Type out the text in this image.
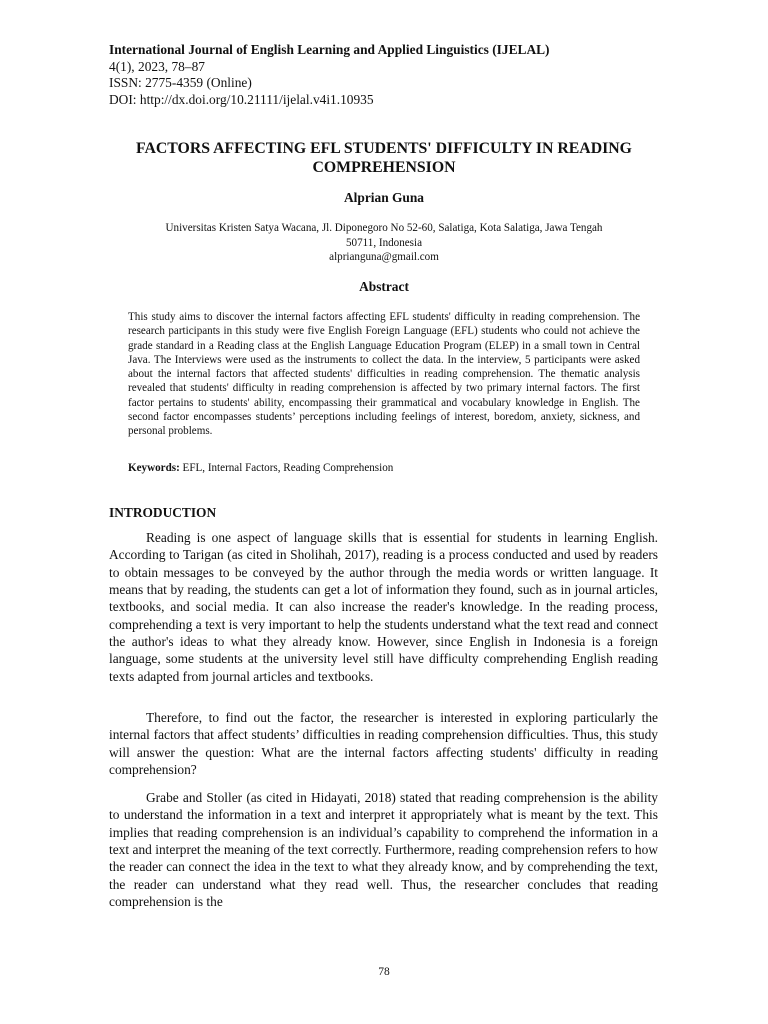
International Journal of English Learning and Applied Linguistics (IJELAL)
4(1), 2023, 78–87
ISSN: 2775-4359 (Online)
DOI: http://dx.doi.org/10.21111/ijelal.v4i1.10935
FACTORS AFFECTING EFL STUDENTS' DIFFICULTY IN READING COMPREHENSION
Alprian Guna
Universitas Kristen Satya Wacana, Jl. Diponegoro No 52-60, Salatiga, Kota Salatiga, Jawa Tengah
50711, Indonesia
alprianguna@gmail.com
Abstract

This study aims to discover the internal factors affecting EFL students' difficulty in reading comprehension. The research participants in this study were five English Foreign Language (EFL) students who could not achieve the grade standard in a Reading class at the English Language Education Program (ELEP) in a small town in Central Java. The Interviews were used as the instruments to collect the data. In the interview, 5 participants were asked about the internal factors that affected students' difficulties in reading comprehension. The thematic analysis revealed that students' difficulty in reading comprehension is affected by two primary internal factors. The first factor pertains to students' ability, encompassing their grammatical and vocabulary knowledge in English. The second factor encompasses students’ perceptions including feelings of interest, boredom, anxiety, sickness, and personal problems.

Keywords: EFL, Internal Factors, Reading Comprehension
INTRODUCTION

Reading is one aspect of language skills that is essential for students in learning English. According to Tarigan (as cited in Sholihah, 2017), reading is a process conducted and used by readers to obtain messages to be conveyed by the author through the media words or written language. It means that by reading, the students can get a lot of information they found, such as in journal articles, textbooks, and social media. It can also increase the reader's knowledge. In the reading process, comprehending a text is very important to help the students understand what the text read and connect the author's ideas to what they already know. However, since English in Indonesia is a foreign language, some students at the university level still have difficulty comprehending English reading texts adapted from journal articles and textbooks.

Therefore, to find out the factor, the researcher is interested in exploring particularly the internal factors that affect students’ difficulties in reading comprehension difficulties. Thus, this study will answer the question: What are the internal factors affecting students' difficulty in reading comprehension?

Grabe and Stoller (as cited in Hidayati, 2018) stated that reading comprehension is the ability to understand the information in a text and interpret it appropriately what is meant by the text. This implies that reading comprehension is an individual’s capability to comprehend the information in a text and interpret the meaning of the text correctly. Furthermore, reading comprehension refers to how the reader can connect the idea in the text to what they already know, and by comprehending the text, the reader can understand what they read well. Thus, the researcher concludes that reading comprehension is the

78
